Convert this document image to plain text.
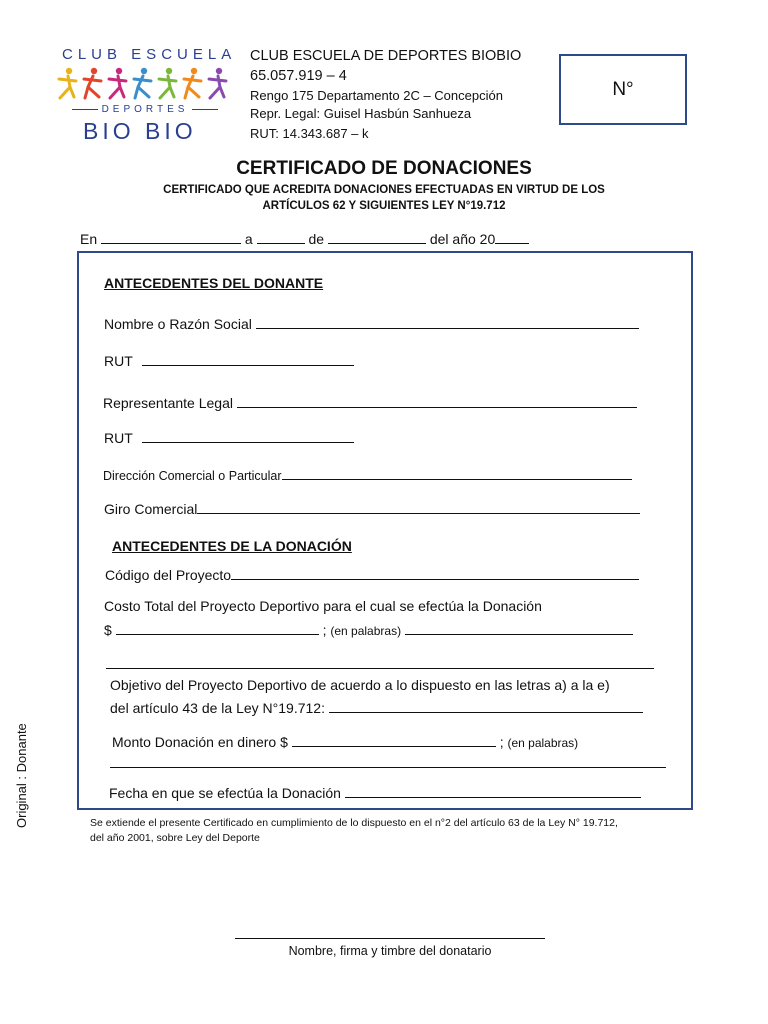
CLUB ESCUELA
DEPORTES
BIO BIO
CLUB ESCUELA DE DEPORTES BIOBIO
65.057.919 – 4
Rengo 175 Departamento 2C – Concepción
Repr. Legal: Guisel Hasbún Sanhueza
RUT: 14.343.687 – k
N°
CERTIFICADO DE DONACIONES
CERTIFICADO QUE ACREDITA DONACIONES EFECTUADAS EN VIRTUD DE LOS
ARTÍCULOS 62 Y SIGUIENTES LEY N°19.712
En	a	de	del año 20
ANTECEDENTES DEL DONANTE
Nombre o Razón Social
RUT
Representante Legal
RUT
Dirección Comercial o Particular
Giro Comercial
ANTECEDENTES DE LA DONACIÓN
Código del Proyecto
Costo Total del Proyecto Deportivo para el cual se efectúa la Donación
$	; (en palabras)
Objetivo del Proyecto Deportivo de acuerdo a lo dispuesto en las letras a) a la e)
del artículo 43 de la Ley N°19.712:
Monto Donación en dinero $	; (en palabras)
Fecha en que se efectúa la Donación
Se extiende el presente Certificado en cumplimiento de lo dispuesto en el n°2 del artículo 63 de la Ley N° 19.712,
del año 2001, sobre Ley del Deporte
Original : Donante
Nombre, firma y timbre del donatario
